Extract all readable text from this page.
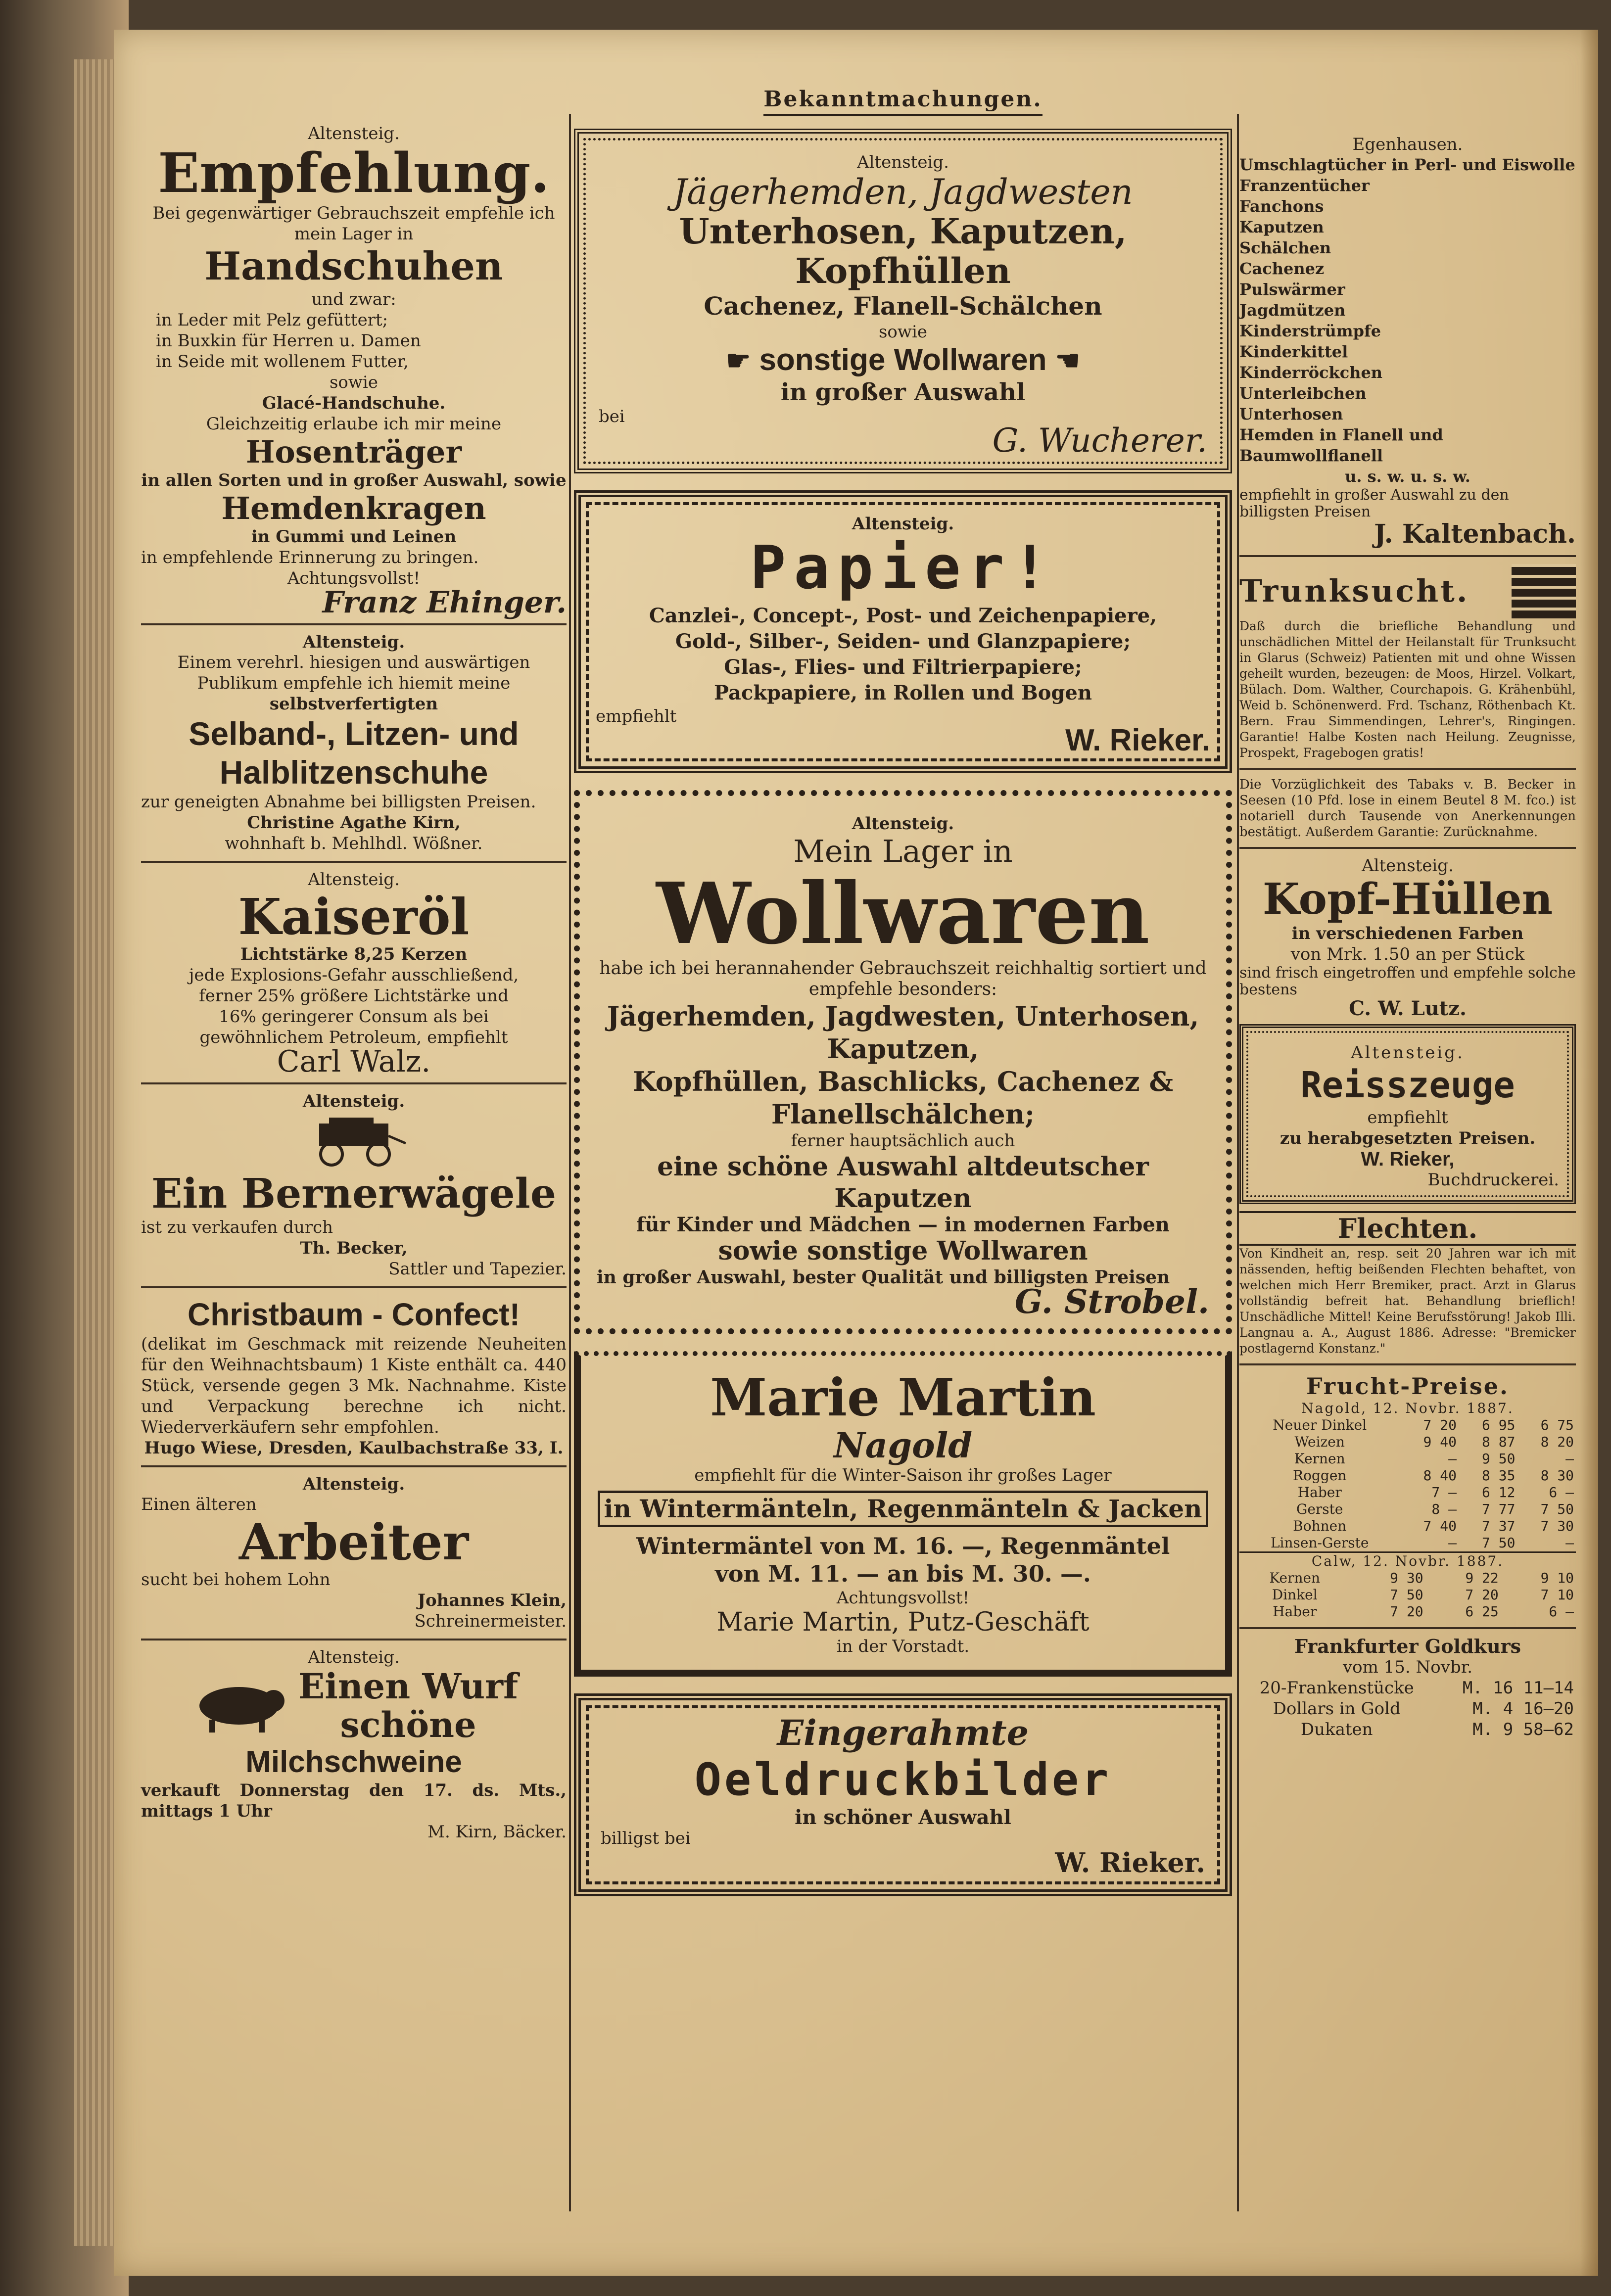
Bekanntmachungen.
Altensteig.
Empfehlung.
Bei gegenwärtiger Gebrauchszeit empfehle ich mein Lager in
Handschuhen
und zwar:
in Leder mit Pelz gefüttert;
in Buxkin für Herren u. Damen
in Seide mit wollenem Futter,
sowie
Glacé-Handschuhe.
Gleichzeitig erlaube ich mir meine
Hosenträger
in allen Sorten und in großer Auswahl, sowie
Hemdenkragen
in Gummi und Leinen
in empfehlende Erinnerung zu bringen.
Achtungsvollst!
Franz Ehinger.
Altensteig.
Einem verehrl. hiesigen und auswärtigen Publikum empfehle ich hiemit meine
selbstverfertigten
Selband-, Litzen- und Halblitzenschuhe
zur geneigten Abnahme bei billigsten Preisen.
Christine Agathe Kirn,
wohnhaft b. Mehlhdl. Wößner.
Altensteig.
Kaiseröl
Lichtstärke 8,25 Kerzen
jede Explosions-Gefahr ausschließend,
ferner 25% größere Lichtstärke und
16% geringerer Consum als bei
gewöhnlichem Petroleum, empfiehlt
Carl Walz.
Altensteig.
Ein Bernerwägele
ist zu verkaufen durch
Th. Becker,
Sattler und Tapezier.
Christbaum - Confect!
(delikat im Geschmack mit reizende Neuheiten für den Weihnachtsbaum) 1 Kiste enthält ca. 440 Stück, versende gegen 3 Mk. Nachnahme. Kiste und Verpackung berechne ich nicht. Wiederverkäufern sehr empfohlen.
Hugo Wiese, Dresden, Kaulbachstraße 33, I.
Altensteig.
Einen älteren
Arbeiter
sucht bei hohem Lohn
Johannes Klein,
Schreinermeister.
Altensteig.
Einen Wurf
schöne
Milchschweine
verkauft Donnerstag den 17. ds. Mts., mittags 1 Uhr
M. Kirn, Bäcker.
Altensteig.
Jägerhemden, Jagdwesten
Unterhosen, Kaputzen, Kopfhüllen
Cachenez, Flanell-Schälchen
sowie
☛ sonstige Wollwaren ☚
in großer Auswahl
bei
G. Wucherer.
Altensteig.
Papier!
Canzlei-, Concept-, Post- und Zeichenpapiere,
Gold-, Silber-, Seiden- und Glanzpapiere;
Glas-, Flies- und Filtrierpapiere;
Packpapiere, in Rollen und Bogen
empfiehlt
W. Rieker.
Altensteig.
Mein Lager in
Wollwaren
habe ich bei herannahender Gebrauchszeit reichhaltig sortiert und empfehle besonders:
Jägerhemden, Jagdwesten, Unterhosen, Kaputzen,
Kopfhüllen, Baschlicks, Cachenez & Flanellschälchen;
ferner hauptsächlich auch
eine schöne Auswahl altdeutscher Kaputzen
für Kinder und Mädchen — in modernen Farben
sowie sonstige Wollwaren
in großer Auswahl, bester Qualität und billigsten Preisen
G. Strobel.
Marie Martin
Nagold
empfiehlt für die Winter-Saison ihr großes Lager
in Wintermänteln, Regenmänteln & Jacken
Wintermäntel von M. 16. —, Regenmäntel
von M. 11. — an bis M. 30. —.
Achtungsvollst!
Marie Martin, Putz-Geschäft
in der Vorstadt.
Eingerahmte
Oeldruckbilder
in schöner Auswahl
billigst bei
W. Rieker.
Egenhausen.
Umschlagtücher in Perl- und Eiswolle
Franzentücher
Fanchons
Kaputzen
Schälchen
Cachenez
Pulswärmer
Jagdmützen
Kinderstrümpfe
Kinderkittel
Kinderröckchen
Unterleibchen
Unterhosen
Hemden in Flanell und Baumwollflanell
u. s. w. u. s. w.
empfiehlt in großer Auswahl zu den billigsten Preisen
J. Kaltenbach.
Trunksucht.
Daß durch die briefliche Behandlung und unschädlichen Mittel der Heilanstalt für Trunksucht in Glarus (Schweiz) Patienten mit und ohne Wissen geheilt wurden, bezeugen: de Moos, Hirzel. Volkart, Bülach. Dom. Walther, Courchapois. G. Krähenbühl, Weid b. Schönenwerd. Frd. Tschanz, Röthenbach Kt. Bern. Frau Simmendingen, Lehrer's, Ringingen. Garantie! Halbe Kosten nach Heilung. Zeugnisse, Prospekt, Fragebogen gratis!
Die Vorzüglichkeit des Tabaks v. B. Becker in Seesen (10 Pfd. lose in einem Beutel 8 M. fco.) ist notariell durch Tausende von Anerkennungen bestätigt. Außerdem Garantie: Zurücknahme.
Altensteig.
Kopf-Hüllen
in verschiedenen Farben
von Mrk. 1.50 an per Stück
sind frisch eingetroffen und empfehle solche bestens
C. W. Lutz.
Altensteig.
Reisszeuge
empfiehlt
zu herabgesetzten Preisen.
W. Rieker,
Buchdruckerei.
Flechten.
Von Kindheit an, resp. seit 20 Jahren war ich mit nässenden, heftig beißenden Flechten behaftet, von welchen mich Herr Bremiker, pract. Arzt in Glarus vollständig befreit hat. Behandlung brieflich! Unschädliche Mittel! Keine Berufsstörung! Jakob Illi. Langnau a. A., August 1886. Adresse: "Bremicker postlagernd Konstanz."
Frucht-Preise.
Nagold, 12. Novbr. 1887.
Neuer Dinkel	7 20	6 95	6 75
Weizen	9 40	8 87	8 20
Kernen	—	9 50	—
Roggen	8 40	8 35	8 30
Haber	7 —	6 12	6 —
Gerste	8 —	7 77	7 50
Bohnen	7 40	7 37	7 30
Linsen-Gerste	—	7 50	—
Calw, 12. Novbr. 1887.
Kernen	9 30	9 22	9 10
Dinkel	7 50	7 20	7 10
Haber	7 20	6 25	6 —
Frankfurter Goldkurs
vom 15. Novbr.
20-Frankenstücke	M. 16 11—14
Dollars in Gold	M. 4 16—20
Dukaten	M. 9 58—62
